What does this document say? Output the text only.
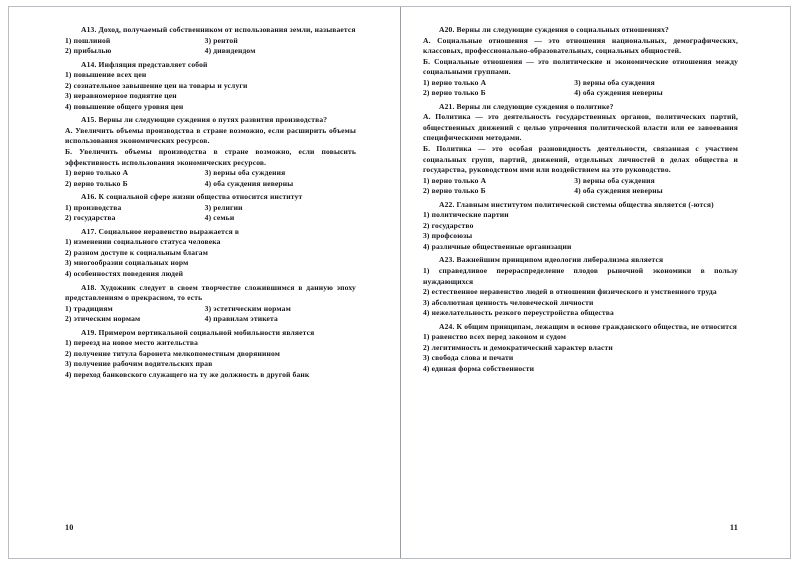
A13. Доход, получаемый собственником от использования земли, называется

1) пошлиной	3) рентой
2) прибылью	4) дивидендом

A14. Инфляция представляет собой

1) повышение всех цен
2) сознательное завышение цен на товары и услуги
3) неравномерное поднятие цен
4) повышение общего уровня цен

A15. Верны ли следующие суждения о путях развития производства?

А. Увеличить объемы производства в стране возможно, если расширить объемы использования экономических ресурсов.
Б. Увеличить объемы производства в стране возможно, если повысить эффективность использования экономических ресурсов.
1) верно только А	3) верны оба суждения
2) верно только Б	4) оба суждения неверны

A16. К социальной сфере жизни общества относится институт

1) производства	3) религии
2) государства	4) семьи

A17. Социальное неравенство выражается в

1) изменении социального статуса человека
2) разном доступе к социальным благам
3) многообразии социальных норм
4) особенностях поведения людей

A18. Художник следует в своем творчестве сложившимся в данную эпоху представлениям о прекрасном, то есть

1) традициям	3) эстетическим нормам
2) этическим нормам	4) правилам этикета

A19. Примером вертикальной социальной мобильности является

1) переезд на новое место жительства
2) получение титула баронета мелкопоместным дворянином
3) получение рабочим водительских прав
4) переход банковского служащего на ту же должность в другой банк
10

A20. Верны ли следующие суждения о социальных отношениях?

А. Социальные отношения — это отношения национальных, демографических, классовых, профессионально-образовательных, социальных общностей.
Б. Социальные отношения — это политические и экономические отношения между социальными группами.
1) верно только А	3) верны оба суждения
2) верно только Б	4) оба суждения неверны

A21. Верны ли следующие суждения о политике?

А. Политика — это деятельность государственных органов, политических партий, общественных движений с целью упрочения политической власти или ее завоевания специфическими методами.
Б. Политика — это особая разновидность деятельности, связанная с участием социальных групп, партий, движений, отдельных личностей в делах общества и государства, руководством ими или воздействием на это руководство.
1) верно только А	3) верны оба суждения
2) верно только Б	4) оба суждения неверны

A22. Главным институтом политической системы общества является (-ются)

1) политические партии
2) государство
3) профсоюзы
4) различные общественные организации

A23. Важнейшим принципом идеологии либерализма является

1) справедливое перераспределение плодов рыночной экономики в пользу нуждающихся
2) естественное неравенство людей в отношении физического и умственного труда
3) абсолютная ценность человеческой личности
4) нежелательность резкого переустройства общества

A24. К общим принципам, лежащим в основе гражданского общества, не относится

1) равенство всех перед законом и судом
2) легитимность и демократический характер власти
3) свобода слова и печати
4) единая форма собственности
11
